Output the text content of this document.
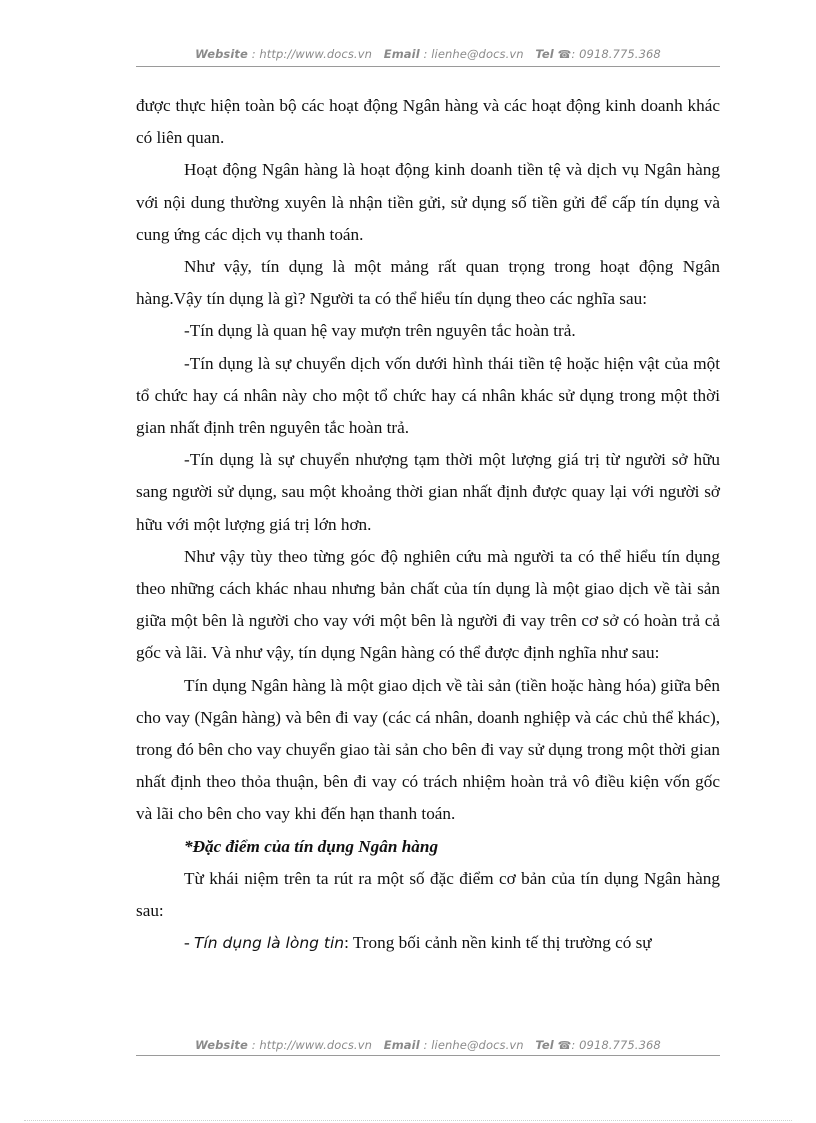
Website : http://www.docs.vn Email : lienhe@docs.vn Tel ☎: 0918.775.368

được thực hiện toàn bộ các hoạt động Ngân hàng và các hoạt động kinh doanh khác có liên quan.

Hoạt động Ngân hàng là hoạt động kinh doanh tiền tệ và dịch vụ Ngân hàng với nội dung thường xuyên là nhận tiền gửi, sử dụng số tiền gửi để cấp tín dụng và cung ứng các dịch vụ thanh toán.

Như vậy, tín dụng là một mảng rất quan trọng trong hoạt động Ngân hàng.Vậy tín dụng là gì? Người ta có thể hiểu tín dụng theo các nghĩa sau:

-Tín dụng là quan hệ vay mượn trên nguyên tắc hoàn trả.

-Tín dụng là sự chuyển dịch vốn dưới hình thái tiền tệ hoặc hiện vật của một tổ chức hay cá nhân này cho một tổ chức hay cá nhân khác sử dụng trong một thời gian nhất định trên nguyên tắc hoàn trả.

-Tín dụng là sự chuyển nhượng tạm thời một lượng giá trị từ người sở hữu sang người sử dụng, sau một khoảng thời gian nhất định được quay lại với người sở hữu với một lượng giá trị lớn hơn.

Như vậy tùy theo từng góc độ nghiên cứu mà người ta có thể hiểu tín dụng theo những cách khác nhau nhưng bản chất của tín dụng là một giao dịch về tài sản giữa một bên là người cho vay với một bên là người đi vay trên cơ sở có hoàn trả cả gốc và lãi. Và như vậy, tín dụng Ngân hàng có thể được định nghĩa như sau:

Tín dụng Ngân hàng là một giao dịch về tài sản (tiền hoặc hàng hóa) giữa bên cho vay (Ngân hàng) và bên đi vay (các cá nhân, doanh nghiệp và các chủ thể khác), trong đó bên cho vay chuyển giao tài sản cho bên đi vay sử dụng trong một thời gian nhất định theo thỏa thuận, bên đi vay có trách nhiệm hoàn trả vô điều kiện vốn gốc và lãi cho bên cho vay khi đến hạn thanh toán.

*Đặc điểm của tín dụng Ngân hàng

Từ khái niệm trên ta rút ra một số đặc điểm cơ bản của tín dụng Ngân hàng sau:

- Tín dụng là lòng tin: Trong bối cảnh nền kinh tế thị trường có sự

Website : http://www.docs.vn Email : lienhe@docs.vn Tel ☎: 0918.775.368
